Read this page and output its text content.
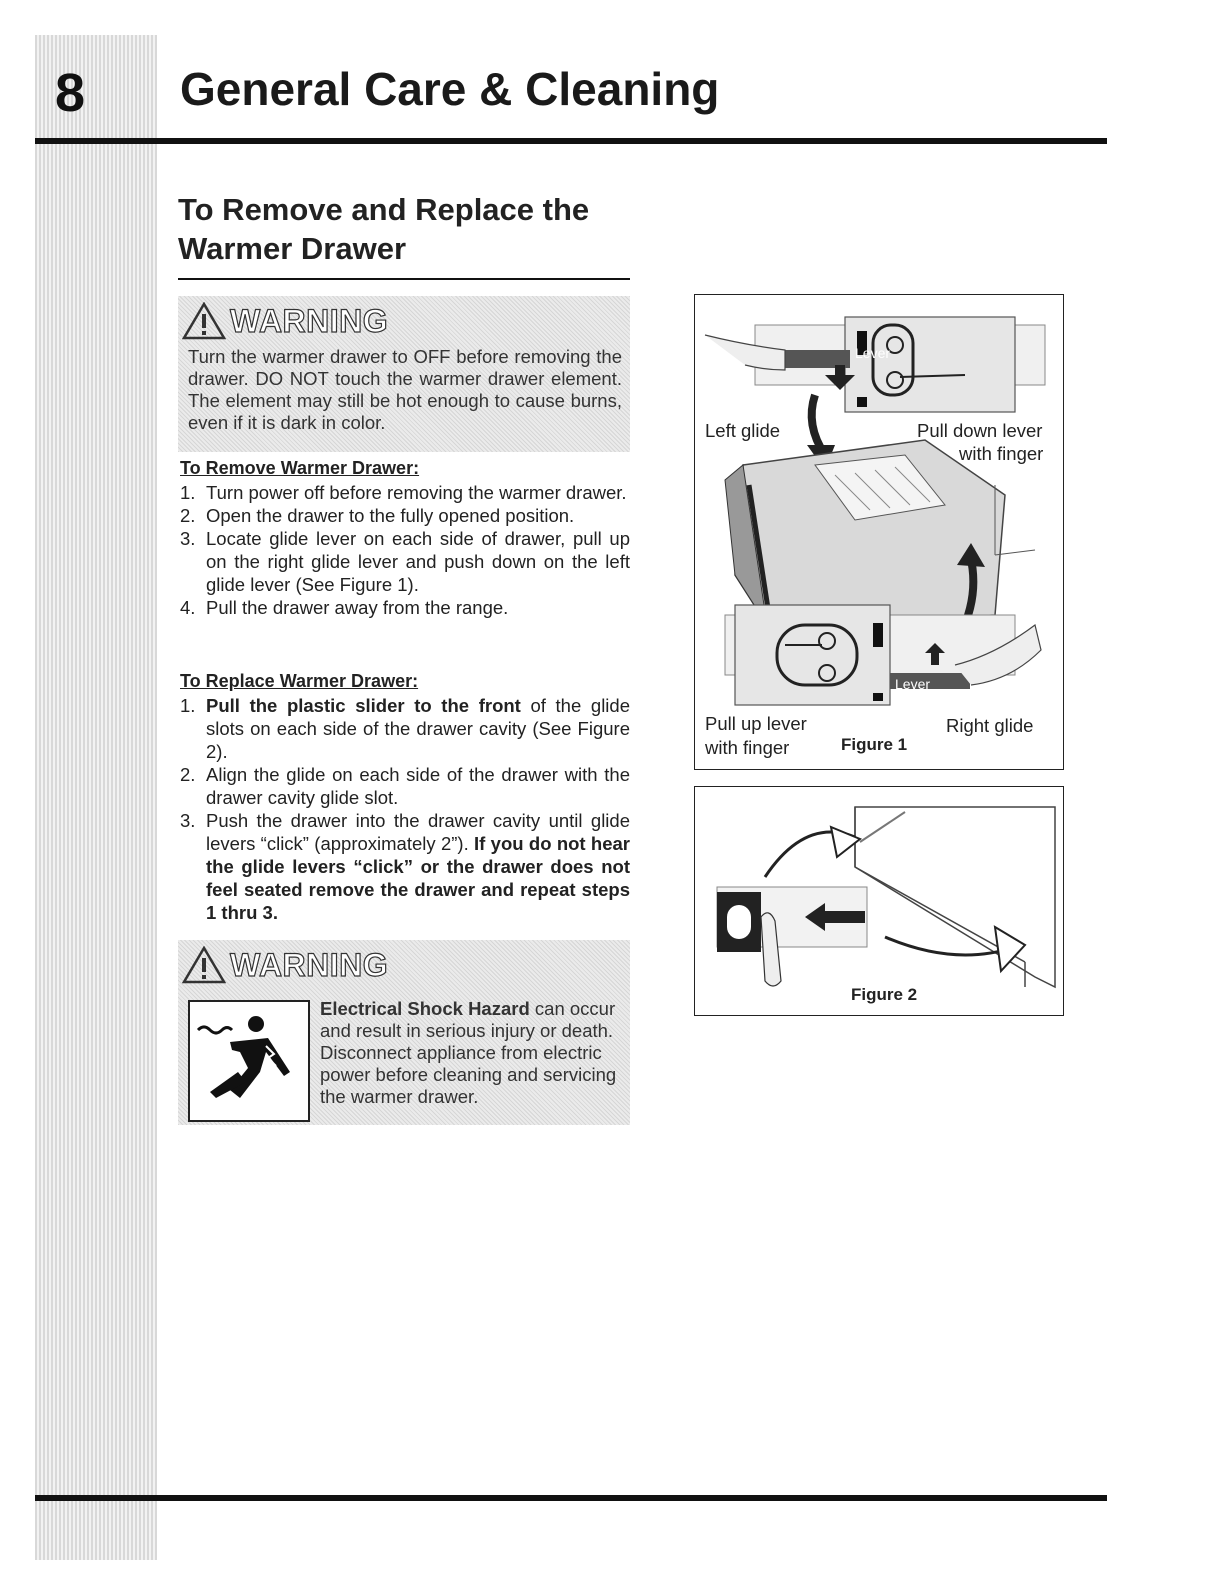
8 General Care & Cleaning
To Remove and Replace the
Warmer Drawer
WARNING
Turn the warmer drawer to OFF before removing the drawer. DO NOT touch the warmer drawer element. The element may still be hot enough to cause burns, even if it is dark in color.
To Remove Warmer Drawer:
1. Turn power off before removing the warmer drawer.
2. Open the drawer to the fully opened position.
3. Locate glide lever on each side of drawer, pull up on the right glide lever and push down on the left glide lever (See Figure 1).
4. Pull the drawer away from the range.
To Replace Warmer Drawer:
1. Pull the plastic slider to the front of the glide slots on each side of the drawer cavity (See Figure 2).
2. Align the glide on each side of the drawer with the drawer cavity glide slot.
3. Push the drawer into the drawer cavity until glide levers “click” (approximately 2”). If you do not hear the glide levers “click” or the drawer does not feel seated remove the drawer and repeat steps 1 thru 3.
WARNING
Electrical Shock Hazard can occur and result in serious injury or death. Disconnect appliance from electric power before cleaning and servicing the warmer drawer.
Lever
Lever
Left glide	Pull down lever
with finger
Pull up lever
with finger
Right glide
Figure 1
Figure 2
